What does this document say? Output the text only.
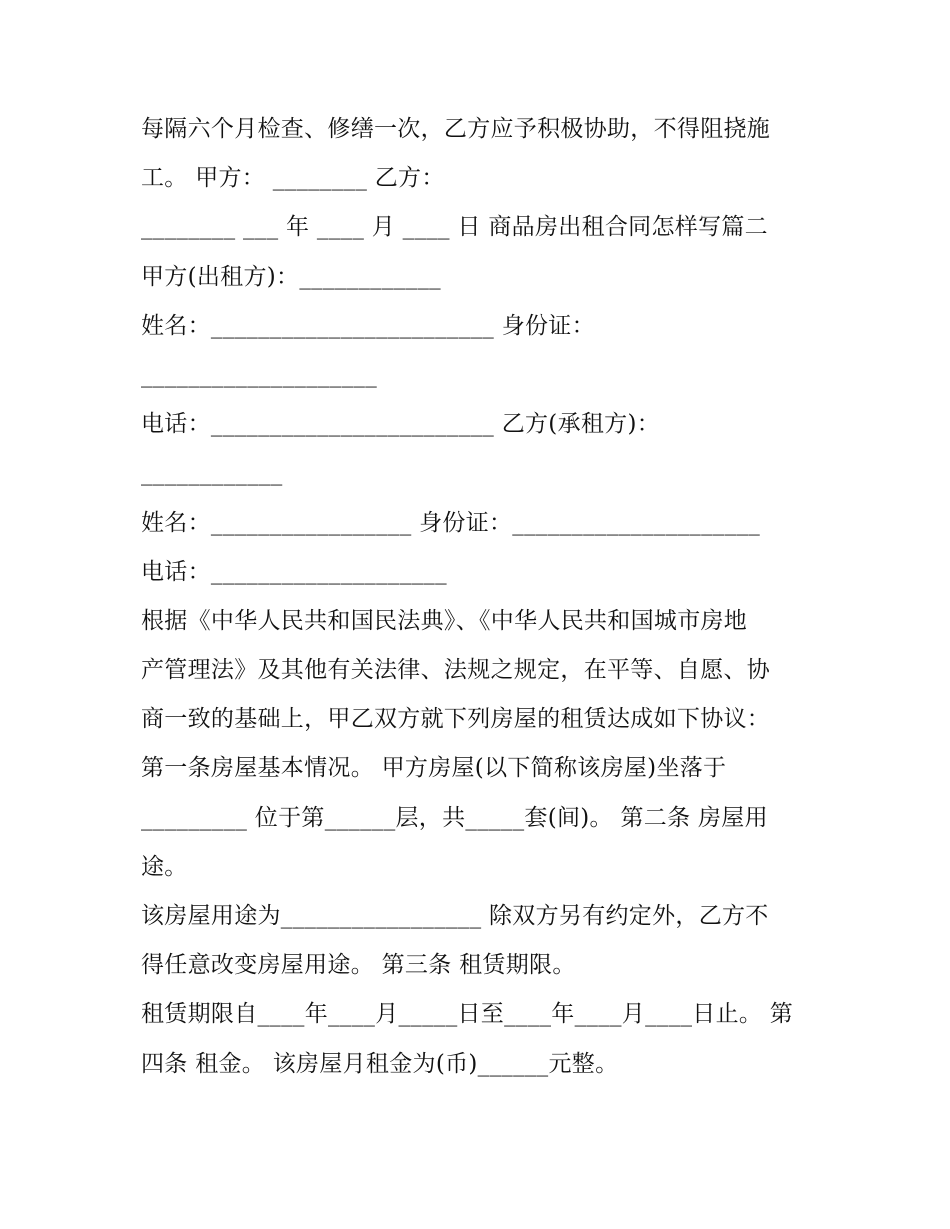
每隔六个月检查、修缮一次，乙方应予积极协助，不得阻挠施
工。 甲方： ________ 乙方：
________ ___ 年 ____ 月 ____ 日 商品房出租合同怎样写篇二
甲方(出租方)：____________
姓名：________________________ 身份证：
____________________
电话：________________________ 乙方(承租方)：
____________
姓名：_________________ 身份证：_____________________
电话：____________________
根据《中华人民共和国民法典》、《中华人民共和国城市房地
产管理法》及其他有关法律、法规之规定，在平等、自愿、协
商一致的基础上，甲乙双方就下列房屋的租赁达成如下协议：
第一条房屋基本情况。 甲方房屋(以下简称该房屋)坐落于
_________ 位于第______层，共_____套(间)。 第二条 房屋用
途。
该房屋用途为_________________ 除双方另有约定外，乙方不
得任意改变房屋用途。 第三条 租赁期限。
租赁期限自____年____月_____日至____年____月____日止。 第
四条 租金。 该房屋月租金为(币)______元整。
